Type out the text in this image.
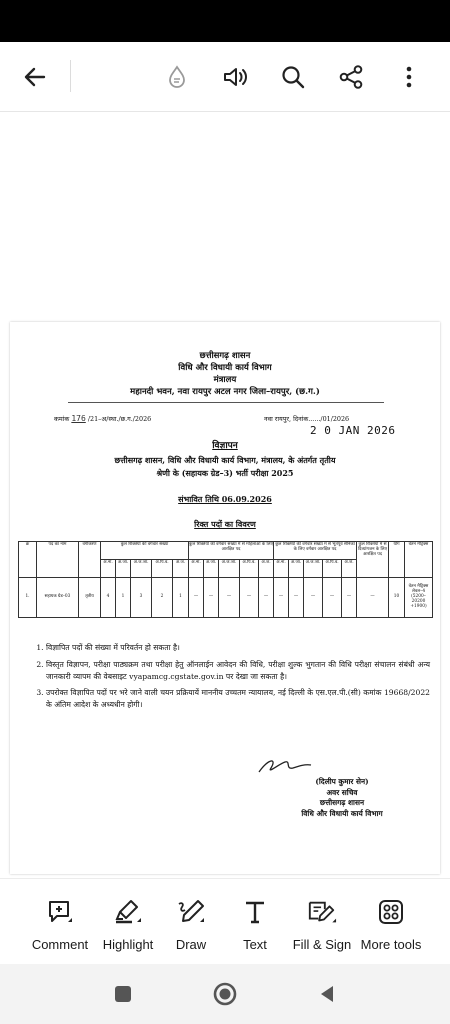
छत्तीसगढ़ शासन
विधि और विधायी कार्य विभाग
मंत्रालय
महानदी भवन, नवा रायपुर अटल नगर जिला–रायपुर, (छ.ग.)
कमांक 176 /21–अ/स्था./छ.ग./2026	नवा रायपुर, दिनांक....../01/2026
2 0 JAN 2026
विज्ञापन
छत्तीसगढ़ शासन, विधि और विधायी कार्य विभाग, मंत्रालय, के अंतर्गत तृतीय
श्रेणी के (सहायक ग्रेड–3) भर्ती परीक्षा 2025
संभावित तिथि 06.09.2026
रिक्त पदों का विवरण
क्र	पद का नाम	वर्गीकरण	कुल रिक्तियों की वर्गवार संख्या					कुल रिक्तियों की वर्गवार संख्या में से महिलाओं के लिए आरक्षित पद					कुल रिक्तियों की वर्गवार संख्या में से भूतपूर्व सैनिकों के लिए वर्गवार आरक्षित पद					कुल रिक्तियों में से दिव्यांगजन के लिए आरक्षित पद	योग	वेतन मैट्रिक्स
			अ.ना.	अ.जा.	अ.ज.जा.	अ.पि.व.	अ.ज.	अ.ना.	अ.जा.	अ.ज.जा.	अ.पि.व.	अ.ज.	अ.ना.	अ.जा.	अ.ज.जा.	अ.पि.व.	अ.ज.			
1.	सहायक ग्रेड–03	तृतीय	4	1	3	2	1	—	—	—	—	—	—	—	—	—	—	—	10	वेतन मैट्रिक्स लेवल–4 (5200–20200 +1900)
1. विज्ञापित पदों की संख्या में परिवर्तन हो सकता है।
2. विस्तृत विज्ञापन, परीक्षा पाठ्यक्रम तथा परीक्षा हेतु ऑनलाईन आवेदन की विधि, परीक्षा शुल्क भुगतान की विधि परीक्षा संचालन संबंधी अन्य जानकारी व्यापम की वेबसाइट vyapamcg.cgstate.gov.in पर देखा जा सकता है।
3. उपरोक्त विज्ञापित पदों पर भरे जाने वाली चयन प्रक्रियायें माननीय उच्चतम न्यायालय, नई दिल्ली के एस.एल.पी.(सी) कमांक 19668/2022 के अंतिम आदेश के अध्यधीन होगी।
(दिलीप कुमार सेन)
अवर सचिव
छत्तीसगढ़ शासन
विधि और विधायी कार्य विभाग
Comment Highlight Draw	Text Fill & Sign More tools
